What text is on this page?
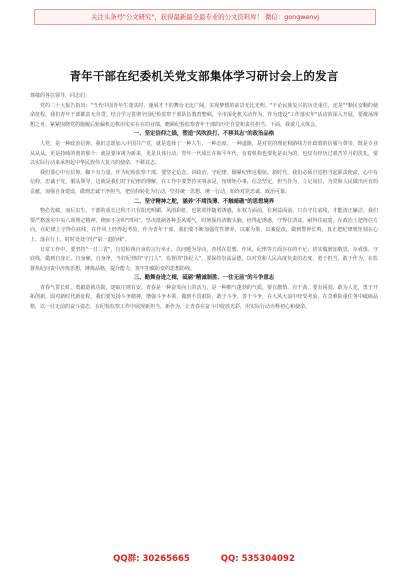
关注头条号"公文研究"，获得最新最全最专业的公文资料库！ 微信：gongwenvj
青年干部在纪委机关党支部集体学习研讨会上的发言

尊敬的各位领导，同志们：

党的二十大报告指出："当代中国青年生逢其时，施展才干的舞台无比广阔，实现梦想的前景无比光明。"不论民族复兴的历史重任，还是""顺民安顺的使命征程，我们青年干部都责无旁贷。结合学习贯彻全国纪检监察干部队伍教育整顿，全市深化机关动作为，作为建设"工作落实年"活动的深入开展，要激荡理想之舟、紧紧围绕党的施履后轮偏机边机用实实在在的业绩，瞻顾纪检监察青年干部的历史自觉和责任担当。下面，我谈几点体会。

一、坚定信仰之锚，塑造"风吹浪打、不移其志"的政治品格

人党，是一种政治信仰。我们志愿加入中国共产党，就是选择了一种人生、一种态度、一种道路，是对党的理论和路线方针政策的信服与尊崇，既是专业从从从。更是持续的创的那个：就是要审视为新来，更是具体行动，青年一代成长在和平年代，有着机构也要化是由为的，也仅有经历过艰苦岁月的洗礼，要以实际行动来承担起中华民族伟大复兴的使命，不移其志。

我们要心中有信仰，脚下有力量。作为纪检监察干部，要坚定信念，讲政治，守纪律，绷紧纪律这根弦。新时代，我们必须自觉担当起职责使命，心中有信仰，忠诚于党，服从领导，这就是我们对于纪律的理解，在工作中要坚持实事求是，按规矩办事，信念坚定，担当作为，立足岗位，为党和人民做出应有的贡献，加强自身建设，做到忠诚干净担当，把信仰转化为行动，坚持统一思想、统一行动，始终对党忠诚、政治可靠。

二、坚守精神之舵，涵养"不靖浅薄、不触暗礁"的思想境界

物必先腐，而后虫生。干部的成长过程不只有阳光明媚，风雨彩虹，也常常伴随着诱惑。在权力面前，在利益面前，只有守住底线，才能清正廉洁。我们要严格落实中央八项规定精神，锲而不舍纠"四风"，坚决抵制各种歪风邪气，时刻保持清醒头脑，经得起诱惑，守得住清贫，耐得住寂寞，在政治上把得住方向，在纪律上守得住底线，在作风上经得起考验。作为青年干部，我们要不断加强党性修养，以案为鉴，以案促改，做到警钟长鸣，真正把纪律规矩刻在心上、落在行上，时时处处守好"第一道防线"。

日常工作中，要坚持"一日三省"，自觉检视自身的言行举止，以问题为导向，查找在思想、作风、纪律等方面存在的不足，切实做到知敬畏、存戒惧、守底线，做到自身正、自身硬、自身净，当好纪律的"守门人"、监督的"执纪人"。要保持崇高品德，以对党和人民高度负责的态度，勇于担当、敢于作为，在监督执纪问责中淬炼思想，锤炼品格，提升能力，筑牢拒腐防变的思想防线。

三、勤舞奋进之楫，砥砺"精诚制胜、一往无前"的斗争意志

青春气贯长虹，勇毅造就功勋，逐取庄则有安。青春是一种奋发向上的活力，是一种朝气蓬勃的气质，要有激情、有干劲，要有闯劲、敢为人先，勇于开拓创新。面对新时代新征程，我们要发扬斗争精神，增强斗争本领，做到不畏艰险，敢于斗争，善于斗争，在大风大浪中经受考验，在急难险重任务中砥砺品格，以一往无前的奋斗姿态，在纪检监察工作中展现新担当、新作为，让青春在奋斗中绽放光彩，用实际行动诠释初心和使命。

QQ群: 30265665	QQ: 535304092
